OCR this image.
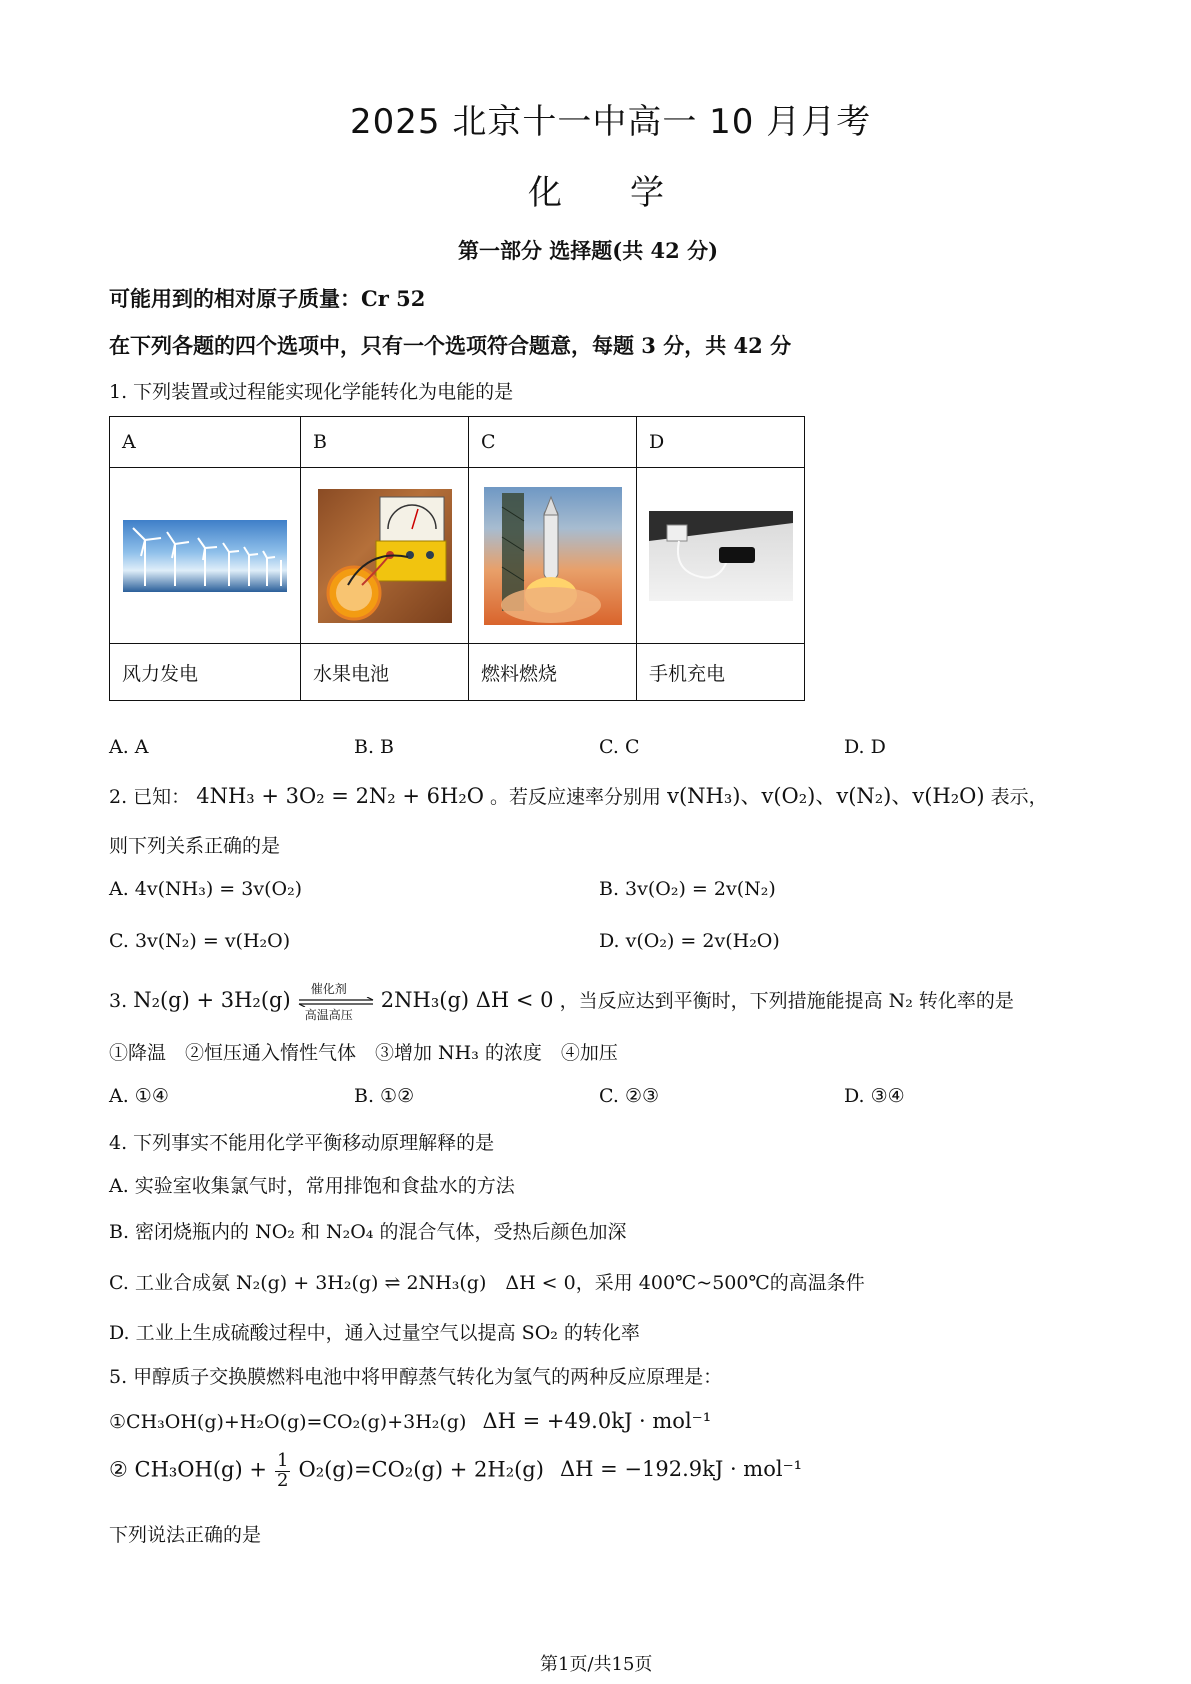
2025 北京十一中高一 10 月月考
化　　学
第一部分 选择题(共 42 分)
可能用到的相对原子质量：Cr 52
在下列各题的四个选项中，只有一个选项符合题意，每题 3 分，共 42 分
1. 下列装置或过程能实现化学能转化为电能的是
A	B	C	D

风力发电	水果电池	燃料燃烧	手机充电
A. A	B. B	C. C	D. D
2. 已知： 4NH₃ + 3O₂ = 2N₂ + 6H₂O 。若反应速率分别用 v(NH₃)、v(O₂)、v(N₂)、v(H₂O) 表示，
则下列关系正确的是
A. 4v(NH₃) = 3v(O₂)	B. 3v(O₂) = 2v(N₂)
C. 3v(N₂) = v(H₂O)	D. v(O₂) = 2v(H₂O)
3. N₂(g) + 3H₂(g) 催化剂
高温高压
2NH₃(g) ΔH < 0 ，当反应达到平衡时，下列措施能提高 N₂ 转化率的是
①降温　②恒压通入惰性气体　③增加 NH₃ 的浓度　④加压
A. ①④	B. ①②	C. ②③	D. ③④
4. 下列事实不能用化学平衡移动原理解释的是
A. 实验室收集氯气时，常用排饱和食盐水的方法
B. 密闭烧瓶内的 NO₂ 和 N₂O₄ 的混合气体，受热后颜色加深
C. 工业合成氨 N₂(g) + 3H₂(g) ⇌ 2NH₃(g)　ΔH < 0，采用 400℃~500℃的高温条件
D. 工业上生成硫酸过程中，通入过量空气以提高 SO₂ 的转化率
5. 甲醇质子交换膜燃料电池中将甲醇蒸气转化为氢气的两种反应原理是：
①CH₃OH(g)+H₂O(g)=CO₂(g)+3H₂(g) ΔH = +49.0kJ · mol⁻¹
② $CH_3OH(g) + \frac{1}{2} O_2(g)=CO_2(g) + 2H_2(g) \Delta H = -192.9kJ \cdot mol^{-1}$
下列说法正确的是
第1页/共15页
